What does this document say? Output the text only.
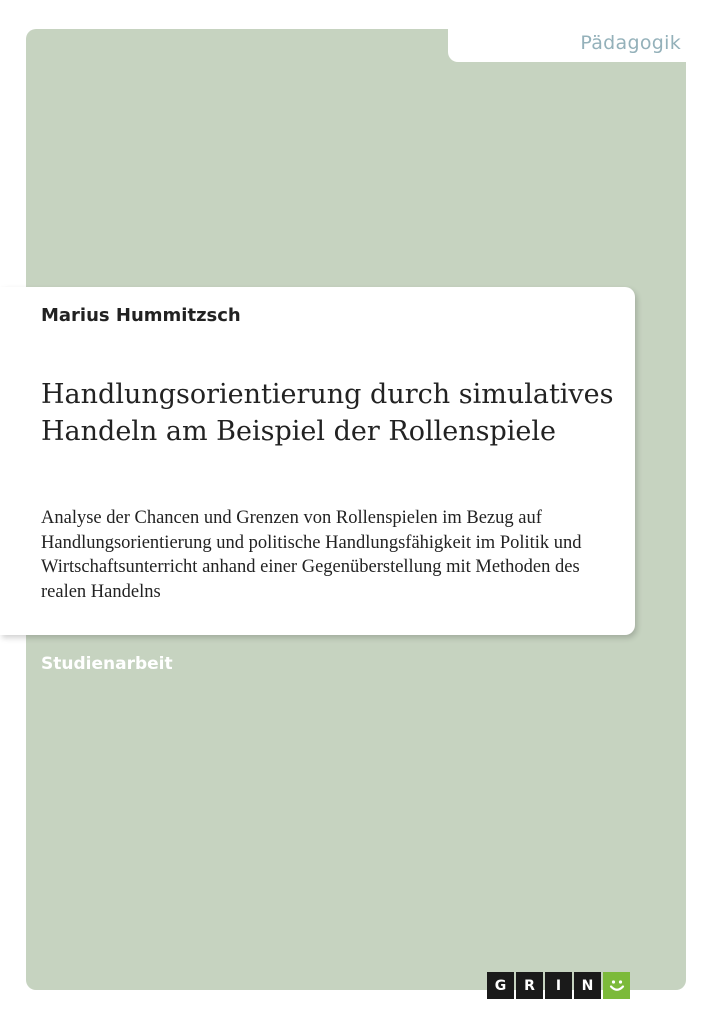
Pädagogik
Marius Hummitzsch
Handlungsorientierung durch simulatives Handeln am Beispiel der Rollenspiele
Analyse der Chancen und Grenzen von Rollenspielen im Bezug auf Handlungsorientierung und politische Handlungsfähigkeit im Politik und Wirtschaftsunterricht anhand einer Gegenüberstellung mit Methoden des realen Handelns
Studienarbeit
G	R	I	N
